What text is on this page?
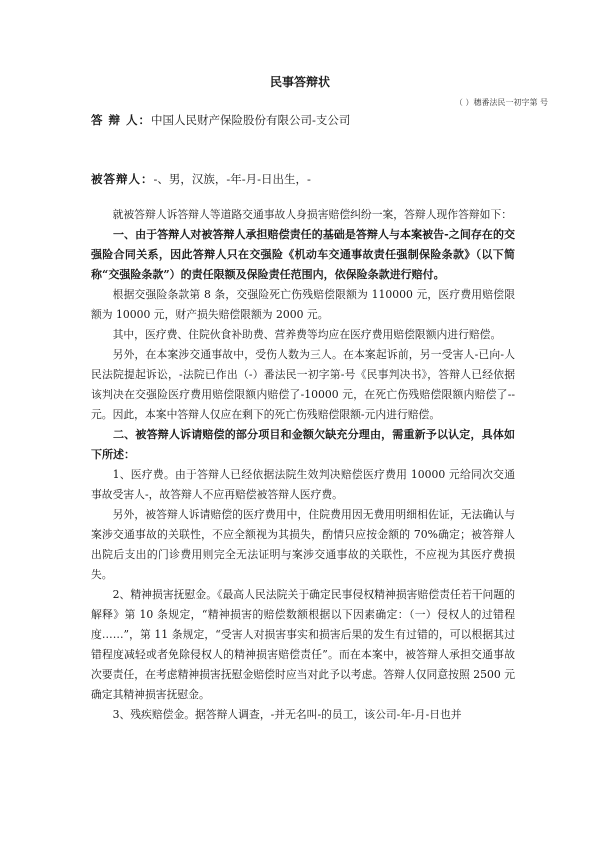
民事答辩状
（ ）穗番法民一初字第 号
答 辩 人：中国人民财产保险股份有限公司-支公司
被答辩人：-、男，汉族，-年-月-日出生，-

就被答辩人诉答辩人等道路交通事故人身损害赔偿纠纷一案，答辩人现作答辩如下：

一、由于答辩人对被答辩人承担赔偿责任的基础是答辩人与本案被告-之间存在的交强险合同关系，因此答辩人只在交强险《机动车交通事故责任强制保险条款》（以下简称“交强险条款”）的责任限额及保险责任范围内，依保险条款进行赔付。

根据交强险条款第 8 条，交强险死亡伤残赔偿限额为 110000 元，医疗费用赔偿限额为 10000 元，财产损失赔偿限额为 2000 元。

其中，医疗费、住院伙食补助费、营养费等均应在医疗费用赔偿限额内进行赔偿。

另外，在本案涉交通事故中，受伤人数为三人。在本案起诉前，另一受害人-已向-人民法院提起诉讼，-法院已作出（-）番法民一初字第-号《民事判决书》，答辩人已经依据该判决在交强险医疗费用赔偿限额内赔偿了-10000 元，在死亡伤残赔偿限额内赔偿了--元。因此，本案中答辩人仅应在剩下的死亡伤残赔偿限额-元内进行赔偿。

二、被答辩人诉请赔偿的部分项目和金额欠缺充分理由，需重新予以认定，具体如下所述：

1、医疗费。由于答辩人已经依据法院生效判决赔偿医疗费用 10000 元给同次交通事故受害人-，故答辩人不应再赔偿被答辩人医疗费。

另外，被答辩人诉请赔偿的医疗费用中，住院费用因无费用明细相佐证，无法确认与案涉交通事故的关联性，不应全额视为其损失，酌情只应按金额的 70%确定；被答辩人出院后支出的门诊费用则完全无法证明与案涉交通事故的关联性，不应视为其医疗费损失。

2、精神损害抚慰金。《最高人民法院关于确定民事侵权精神损害赔偿责任若干问题的解释》第 10 条规定，“精神损害的赔偿数额根据以下因素确定：（一）侵权人的过错程度……”，第 11 条规定，“受害人对损害事实和损害后果的发生有过错的，可以根据其过错程度减轻或者免除侵权人的精神损害赔偿责任”。而在本案中，被答辩人承担交通事故次要责任，在考虑精神损害抚慰金赔偿时应当对此予以考虑。答辩人仅同意按照 2500 元确定其精神损害抚慰金。

3、残疾赔偿金。据答辩人调查，-并无名叫-的员工，该公司-年-月-日也并
